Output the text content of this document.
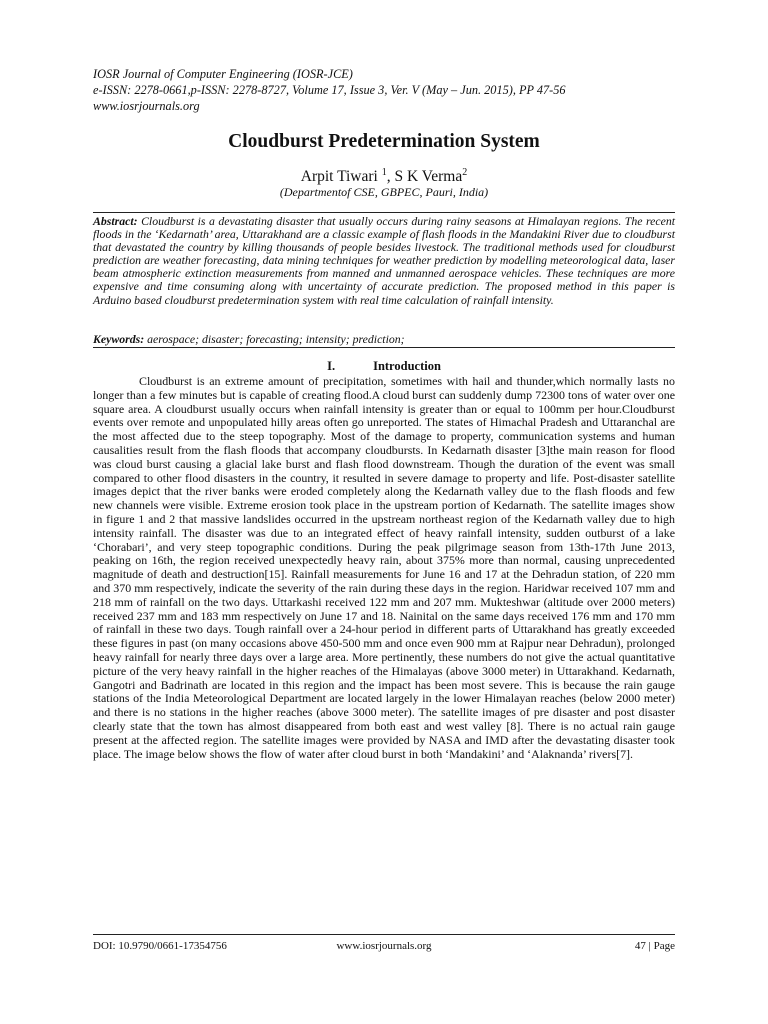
IOSR Journal of Computer Engineering (IOSR-JCE)
e-ISSN: 2278-0661,p-ISSN: 2278-8727, Volume 17, Issue 3, Ver. V (May – Jun. 2015), PP 47-56
www.iosrjournals.org
Cloudburst Predetermination System
Arpit Tiwari $^1$, S K Verma$^2$
(Departmentof CSE, GBPEC, Pauri, India)
Abstract: Cloudburst is a devastating disaster that usually occurs during rainy seasons at Himalayan regions. The recent floods in the ‘Kedarnath’ area, Uttarakhand are a classic example of flash floods in the Mandakini River due to cloudburst that devastated the country by killing thousands of people besides livestock. The traditional methods used for cloudburst prediction are weather forecasting, data mining techniques for weather prediction by modelling meteorological data, laser beam atmospheric extinction measurements from manned and unmanned aerospace vehicles. These techniques are more expensive and time consuming along with uncertainty of accurate prediction. The proposed method in this paper is Arduino based cloudburst predetermination system with real time calculation of rainfall intensity.
Keywords: aerospace; disaster; forecasting; intensity; prediction;
I.	Introduction

Cloudburst is an extreme amount of precipitation, sometimes with hail and thunder,which normally lasts no longer than a few minutes but is capable of creating flood.A cloud burst can suddenly dump 72300 tons of water over one square area. A cloudburst usually occurs when rainfall intensity is greater than or equal to 100mm per hour.Cloudburst events over remote and unpopulated hilly areas often go unreported. The states of Himachal Pradesh and Uttaranchal are the most affected due to the steep topography. Most of the damage to property, communication systems and human causalities result from the flash floods that accompany cloudbursts. In Kedarnath disaster [3]the main reason for flood was cloud burst causing a glacial lake burst and flash flood downstream. Though the duration of the event was small compared to other flood disasters in the country, it resulted in severe damage to property and life. Post-disaster satellite images depict that the river banks were eroded completely along the Kedarnath valley due to the flash floods and few new channels were visible. Extreme erosion took place in the upstream portion of Kedarnath. The satellite images show in figure 1 and 2 that massive landslides occurred in the upstream northeast region of the Kedarnath valley due to high intensity rainfall. The disaster was due to an integrated effect of heavy rainfall intensity, sudden outburst of a lake ‘Chorabari’, and very steep topographic conditions. During the peak pilgrimage season from 13th-17th June 2013, peaking on 16th, the region received unexpectedly heavy rain, about 375% more than normal, causing unprecedented magnitude of death and destruction[15]. Rainfall measurements for June 16 and 17 at the Dehradun station, of 220 mm and 370 mm respectively, indicate the severity of the rain during these days in the region. Haridwar received 107 mm and 218 mm of rainfall on the two days. Uttarkashi received 122 mm and 207 mm. Mukteshwar (altitude over 2000 meters) received 237 mm and 183 mm respectively on June 17 and 18. Nainital on the same days received 176 mm and 170 mm of rainfall in these two days. Tough rainfall over a 24-hour period in different parts of Uttarakhand has greatly exceeded these figures in past (on many occasions above 450-500 mm and once even 900 mm at Rajpur near Dehradun), prolonged heavy rainfall for nearly three days over a large area. More pertinently, these numbers do not give the actual quantitative picture of the very heavy rainfall in the higher reaches of the Himalayas (above 3000 meter) in Uttarakhand. Kedarnath, Gangotri and Badrinath are located in this region and the impact has been most severe. This is because the rain gauge stations of the India Meteorological Department are located largely in the lower Himalayan reaches (below 2000 meter) and there is no stations in the higher reaches (above 3000 meter). The satellite images of pre disaster and post disaster clearly state that the town has almost disappeared from both east and west valley [8]. There is no actual rain gauge present at the affected region. The satellite images were provided by NASA and IMD after the devastating disaster took place. The image below shows the flow of water after cloud burst in both ‘Mandakini’ and ‘Alaknanda’ rivers[7].

DOI: 10.9790/0661-17354756	www.iosrjournals.org	47 | Page
